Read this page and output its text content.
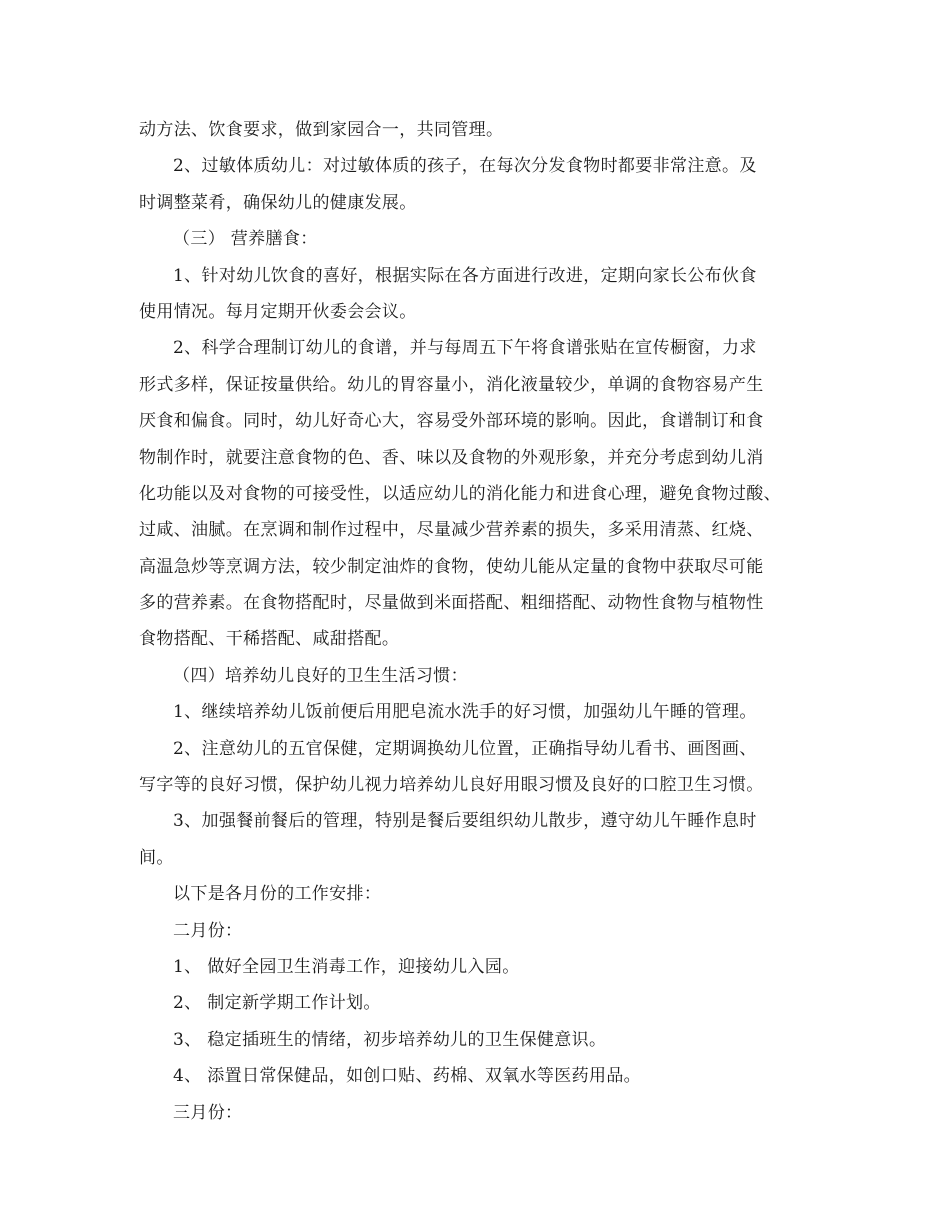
动方法、饮食要求，做到家园合一，共同管理。
2、过敏体质幼儿：对过敏体质的孩子，在每次分发食物时都要非常注意。及
时调整菜肴，确保幼儿的健康发展。
（三） 营养膳食：
1、针对幼儿饮食的喜好，根据实际在各方面进行改进，定期向家长公布伙食
使用情况。每月定期开伙委会会议。
2、科学合理制订幼儿的食谱，并与每周五下午将食谱张贴在宣传橱窗，力求
形式多样，保证按量供给。幼儿的胃容量小，消化液量较少，单调的食物容易产生
厌食和偏食。同时，幼儿好奇心大，容易受外部环境的影响。因此，食谱制订和食
物制作时，就要注意食物的色、香、味以及食物的外观形象，并充分考虑到幼儿消
化功能以及对食物的可接受性，以适应幼儿的消化能力和进食心理，避免食物过酸、
过咸、油腻。在烹调和制作过程中，尽量减少营养素的损失，多采用清蒸、红烧、
高温急炒等烹调方法，较少制定油炸的食物，使幼儿能从定量的食物中获取尽可能
多的营养素。在食物搭配时，尽量做到米面搭配、粗细搭配、动物性食物与植物性
食物搭配、干稀搭配、咸甜搭配。
（四）培养幼儿良好的卫生生活习惯：
1、继续培养幼儿饭前便后用肥皂流水洗手的好习惯，加强幼儿午睡的管理。
2、注意幼儿的五官保健，定期调换幼儿位置，正确指导幼儿看书、画图画、
写字等的良好习惯，保护幼儿视力培养幼儿良好用眼习惯及良好的口腔卫生习惯。
3、加强餐前餐后的管理，特别是餐后要组织幼儿散步，遵守幼儿午睡作息时
间。
以下是各月份的工作安排：
二月份：
1、 做好全园卫生消毒工作，迎接幼儿入园。
2、 制定新学期工作计划。
3、 稳定插班生的情绪，初步培养幼儿的卫生保健意识。
4、 添置日常保健品，如创口贴、药棉、双氧水等医药用品。
三月份：
